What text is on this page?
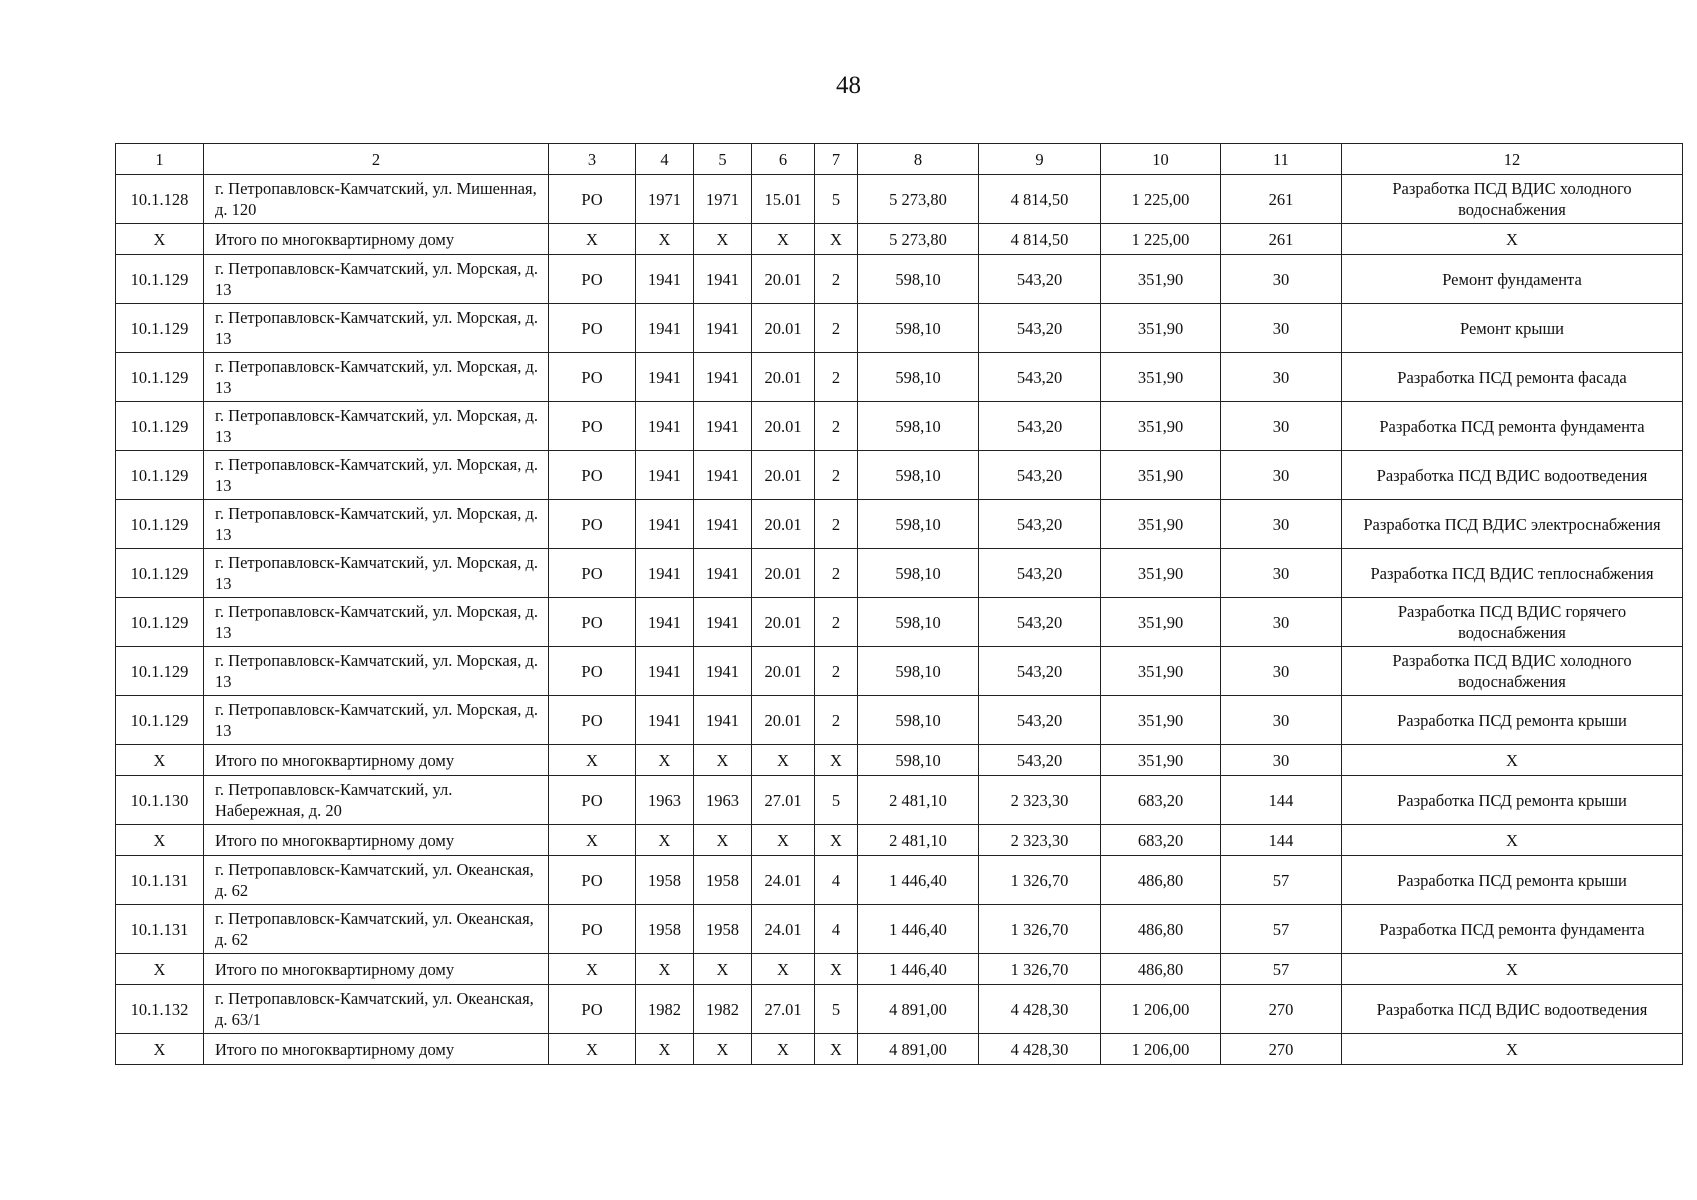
48
1	2	3	4	5	6	7	8	9	10	11	12
10.1.128	г. Петропавловск-Камчатский, ул. Мишенная, д. 120	РО	1971	1971	15.01	5	5 273,80	4 814,50	1 225,00	261	Разработка ПСД ВДИС холодного водоснабжения
Х	Итого по многоквартирному дому	Х	Х	Х	Х	Х	5 273,80	4 814,50	1 225,00	261	Х
10.1.129	г. Петропавловск-Камчатский, ул. Морская, д. 13	РО	1941	1941	20.01	2	598,10	543,20	351,90	30	Ремонт фундамента
10.1.129	г. Петропавловск-Камчатский, ул. Морская, д. 13	РО	1941	1941	20.01	2	598,10	543,20	351,90	30	Ремонт крыши
10.1.129	г. Петропавловск-Камчатский, ул. Морская, д. 13	РО	1941	1941	20.01	2	598,10	543,20	351,90	30	Разработка ПСД ремонта фасада
10.1.129	г. Петропавловск-Камчатский, ул. Морская, д. 13	РО	1941	1941	20.01	2	598,10	543,20	351,90	30	Разработка ПСД ремонта фундамента
10.1.129	г. Петропавловск-Камчатский, ул. Морская, д. 13	РО	1941	1941	20.01	2	598,10	543,20	351,90	30	Разработка ПСД ВДИС водоотведения
10.1.129	г. Петропавловск-Камчатский, ул. Морская, д. 13	РО	1941	1941	20.01	2	598,10	543,20	351,90	30	Разработка ПСД ВДИС электроснабжения
10.1.129	г. Петропавловск-Камчатский, ул. Морская, д. 13	РО	1941	1941	20.01	2	598,10	543,20	351,90	30	Разработка ПСД ВДИС теплоснабжения
10.1.129	г. Петропавловск-Камчатский, ул. Морская, д. 13	РО	1941	1941	20.01	2	598,10	543,20	351,90	30	Разработка ПСД ВДИС горячего водоснабжения
10.1.129	г. Петропавловск-Камчатский, ул. Морская, д. 13	РО	1941	1941	20.01	2	598,10	543,20	351,90	30	Разработка ПСД ВДИС холодного водоснабжения
10.1.129	г. Петропавловск-Камчатский, ул. Морская, д. 13	РО	1941	1941	20.01	2	598,10	543,20	351,90	30	Разработка ПСД ремонта крыши
Х	Итого по многоквартирному дому	Х	Х	Х	Х	Х	598,10	543,20	351,90	30	Х
10.1.130	г. Петропавловск-Камчатский, ул. Набережная, д. 20	РО	1963	1963	27.01	5	2 481,10	2 323,30	683,20	144	Разработка ПСД ремонта крыши
Х	Итого по многоквартирному дому	Х	Х	Х	Х	Х	2 481,10	2 323,30	683,20	144	Х
10.1.131	г. Петропавловск-Камчатский, ул. Океанская, д. 62	РО	1958	1958	24.01	4	1 446,40	1 326,70	486,80	57	Разработка ПСД ремонта крыши
10.1.131	г. Петропавловск-Камчатский, ул. Океанская, д. 62	РО	1958	1958	24.01	4	1 446,40	1 326,70	486,80	57	Разработка ПСД ремонта фундамента
Х	Итого по многоквартирному дому	Х	Х	Х	Х	Х	1 446,40	1 326,70	486,80	57	Х
10.1.132	г. Петропавловск-Камчатский, ул. Океанская, д. 63/1	РО	1982	1982	27.01	5	4 891,00	4 428,30	1 206,00	270	Разработка ПСД ВДИС водоотведения
Х	Итого по многоквартирному дому	Х	Х	Х	Х	Х	4 891,00	4 428,30	1 206,00	270	Х
